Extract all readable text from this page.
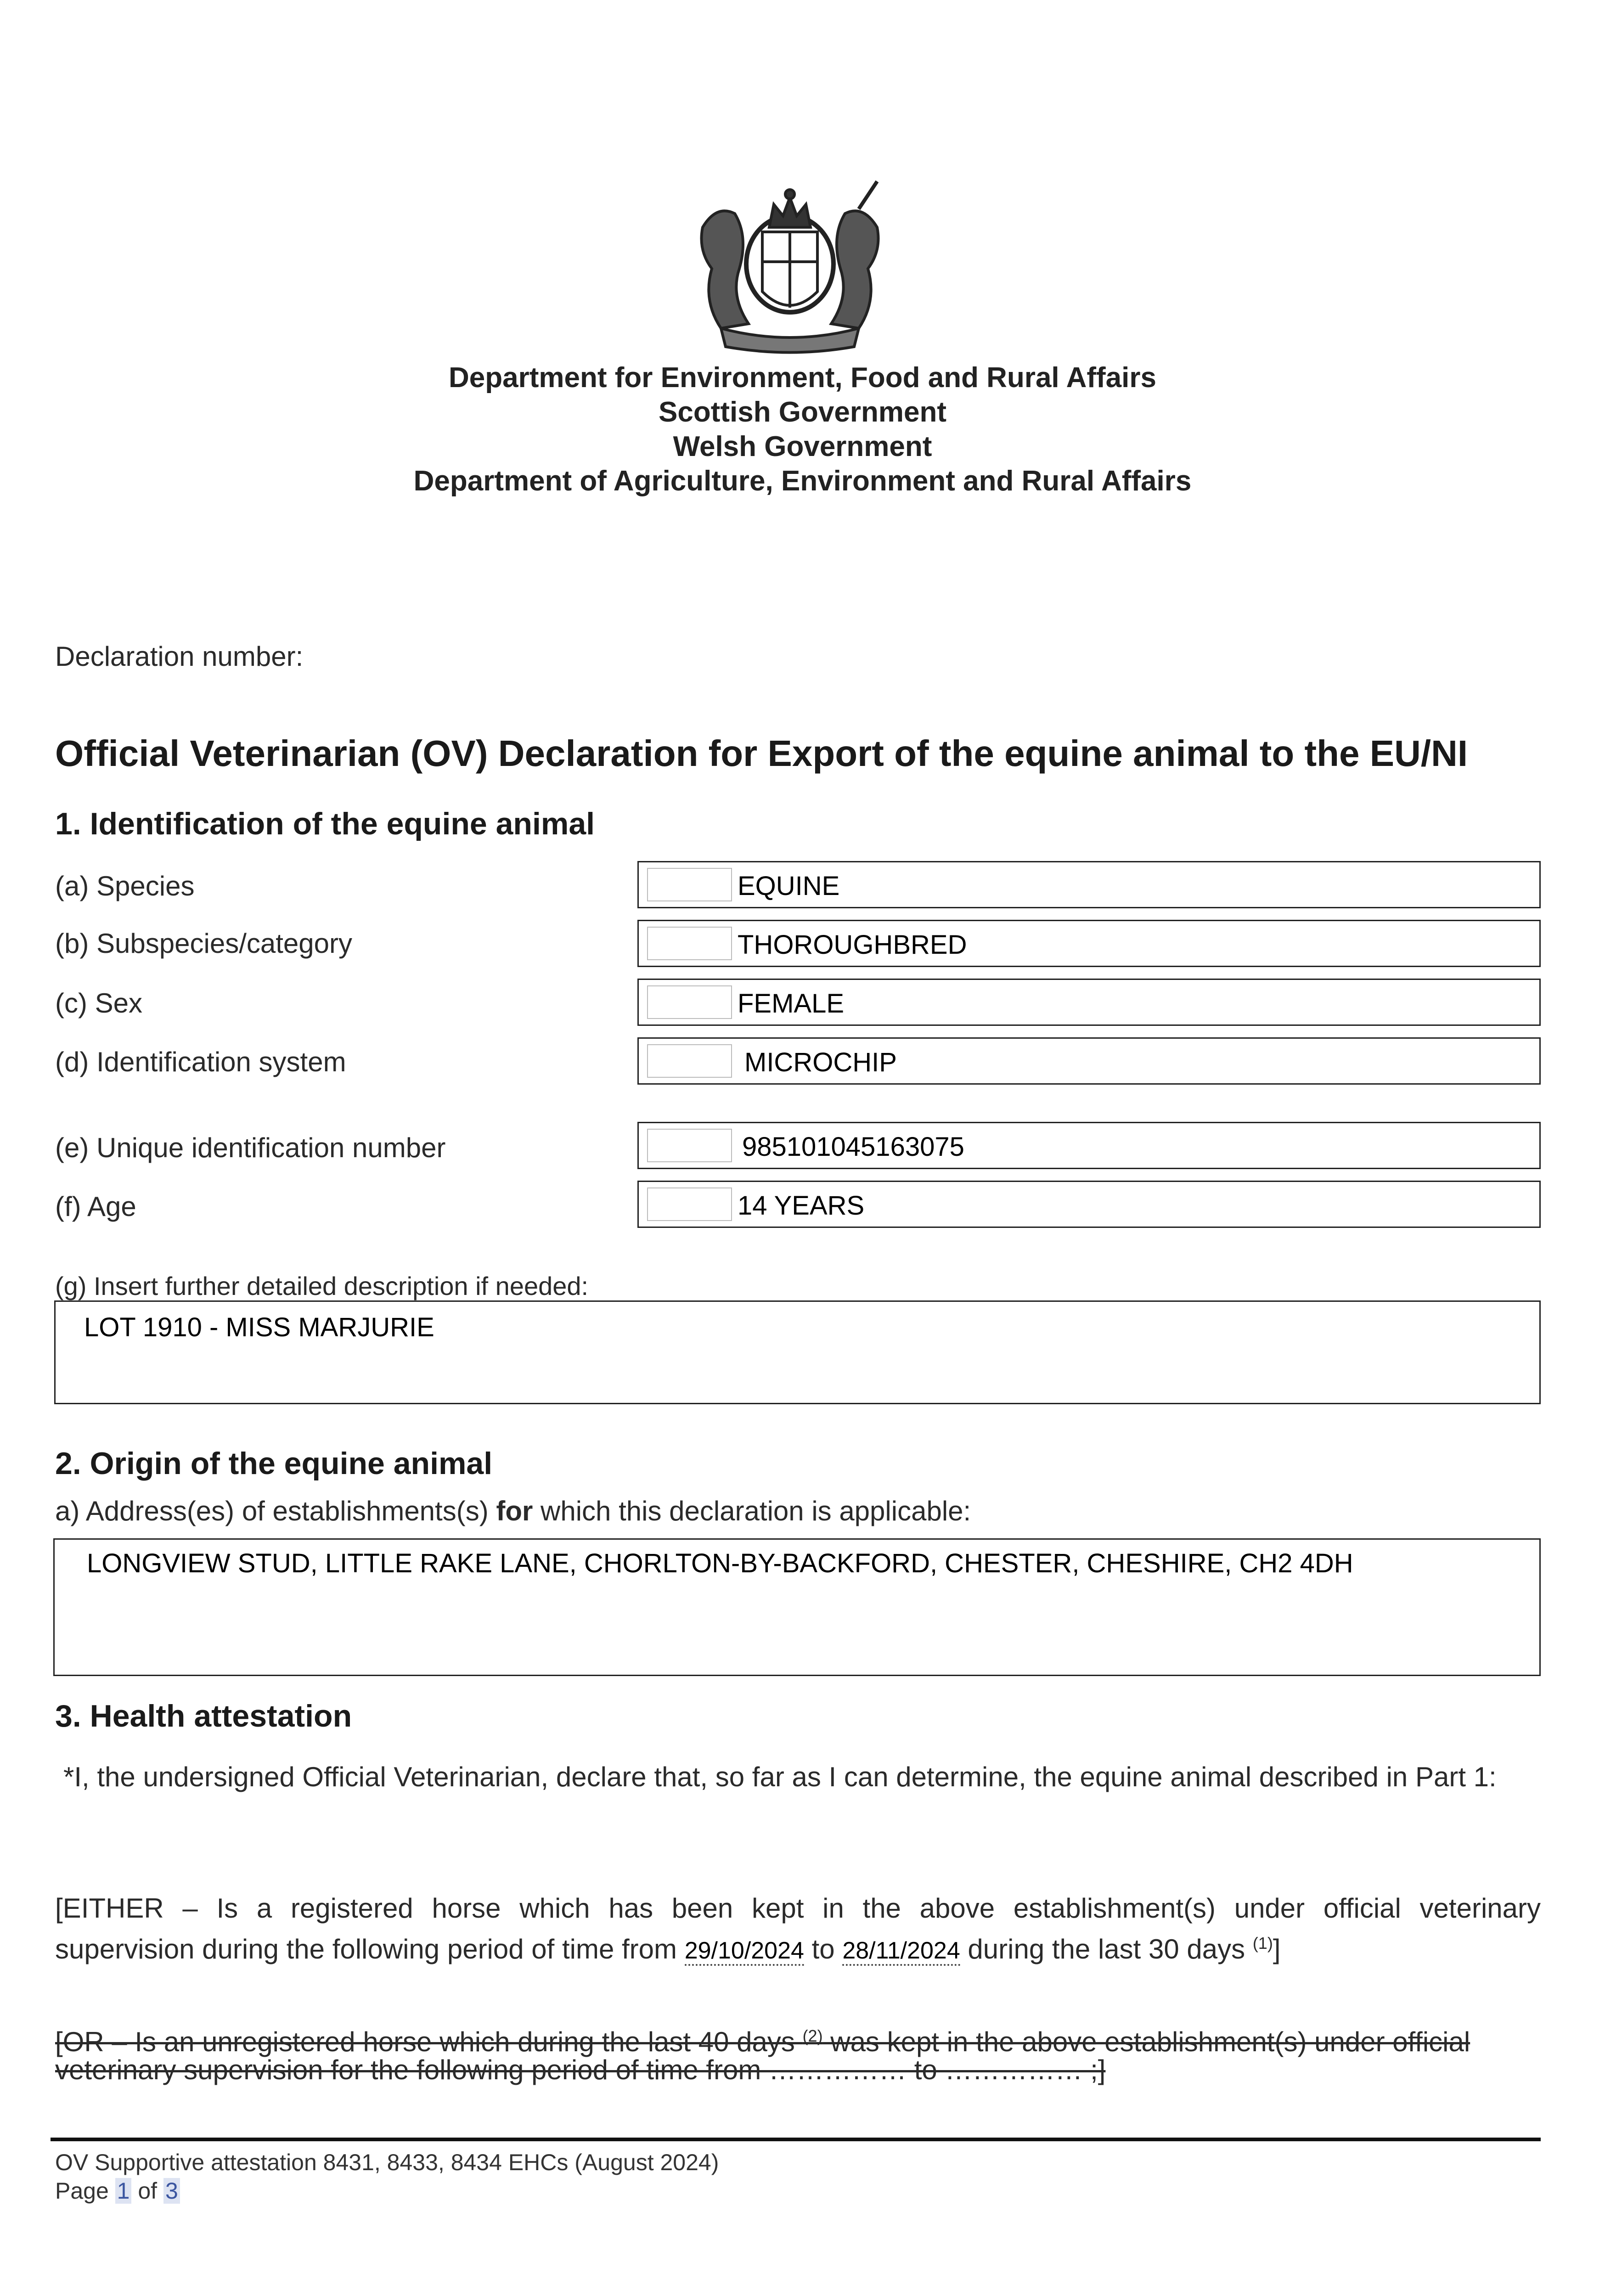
Department for Environment, Food and Rural Affairs
Scottish Government
Welsh Government
Department of Agriculture, Environment and Rural Affairs
Declaration number:
Official Veterinarian (OV) Declaration for Export of the equine animal to the EU/NI
1. Identification of the equine animal
(a) Species	EQUINE
(b) Subspecies/category	THOROUGHBRED
(c) Sex	FEMALE
(d) Identification system	MICROCHIP
(e) Unique identification number	985101045163075
(f) Age	14 YEARS
(g) Insert further detailed description if needed:
LOT 1910 - MISS MARJURIE
2. Origin of the equine animal
a) Address(es) of establishments(s) for which this declaration is applicable:
LONGVIEW STUD, LITTLE RAKE LANE, CHORLTON-BY-BACKFORD, CHESTER, CHESHIRE, CH2 4DH
3. Health attestation
*I, the undersigned Official Veterinarian, declare that, so far as I can determine, the equine animal described in Part 1:
[EITHER – Is a registered horse which has been kept in the above establishment(s) under official veterinary
supervision during the following period of time from 29/10/2024 to 28/11/2024 during the last 30 days $^{(1)}$]
[OR – Is an unregistered horse which during the last 40 days $^{(2)}$ was kept in the above establishment(s) under official
veterinary supervision for the following period of time from …………… to …………… ;]
OV Supportive attestation 8431, 8433, 8434 EHCs (August 2024)
Page 1 of 3
